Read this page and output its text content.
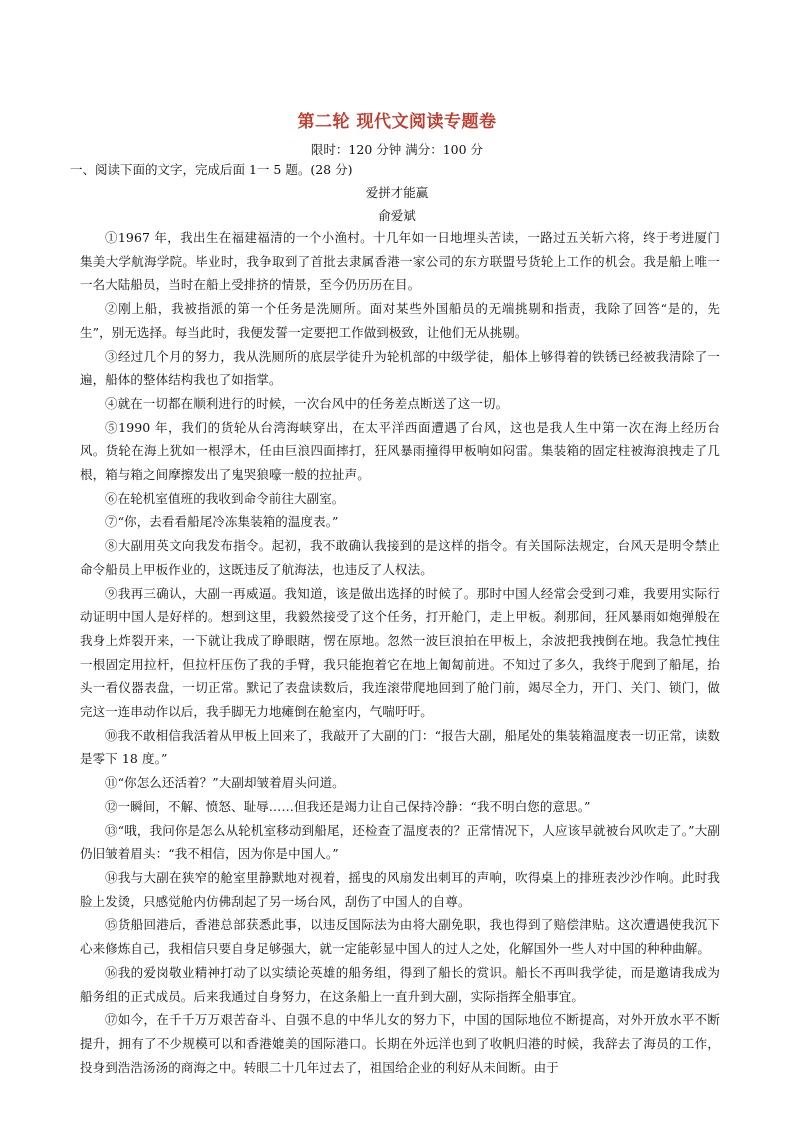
第二轮 现代文阅读专题卷
限时：120 分钟 满分：100 分
一、阅读下面的文字，完成后面 1一 5 题。(28 分)
爱拼才能赢
俞爱斌

①1967 年，我出生在福建福清的一个小渔村。十几年如一日地埋头苦读，一路过五关斩六将，终于考进厦门集美大学航海学院。毕业时，我争取到了首批去隶属香港一家公司的东方联盟号货轮上工作的机会。我是船上唯一一名大陆船员，当时在船上受排挤的情景，至今仍历历在目。

②刚上船，我被指派的第一个任务是洗厕所。面对某些外国船员的无端挑剔和指责，我除了回答“是的，先生”，别无选择。每当此时，我便发誓一定要把工作做到极致，让他们无从挑剔。

③经过几个月的努力，我从洗厕所的底层学徒升为轮机部的中级学徒，船体上够得着的铁锈已经被我清除了一遍，船体的整体结构我也了如指掌。

④就在一切都在顺利进行的时候，一次台风中的任务差点断送了这一切。

⑤1990 年，我们的货轮从台湾海峡穿出，在太平洋西面遭遇了台风，这也是我人生中第一次在海上经历台风。货轮在海上犹如一根浮木，任由巨浪四面摔打，狂风暴雨撞得甲板响如闷雷。集装箱的固定柱被海浪拽走了几根，箱与箱之间摩擦发出了鬼哭狼嚎一般的拉扯声。

⑥在轮机室值班的我收到命令前往大副室。

⑦“你，去看看船尾冷冻集装箱的温度表。”

⑧大副用英文向我发布指令。起初，我不敢确认我接到的是这样的指令。有关国际法规定，台风天是明令禁止命令船员上甲板作业的，这既违反了航海法，也违反了人权法。

⑨我再三确认，大副一再威逼。我知道，该是做出选择的时候了。那时中国人经常会受到刁难，我要用实际行动证明中国人是好样的。想到这里，我毅然接受了这个任务，打开舱门，走上甲板。刹那间，狂风暴雨如炮弹般在我身上炸裂开来，一下就让我成了睁眼瞎，愣在原地。忽然一波巨浪拍在甲板上，余波把我拽倒在地。我急忙拽住一根固定用拉杆，但拉杆压伤了我的手臂，我只能抱着它在地上匍匐前进。不知过了多久，我终于爬到了船尾，抬头一看仪器表盘，一切正常。默记了表盘读数后，我连滚带爬地回到了舱门前，竭尽全力，开门、关门、锁门，做完这一连串动作以后，我手脚无力地瘫倒在舱室内，气喘吁吁。

⑩我不敢相信我活着从甲板上回来了，我敲开了大副的门：“报告大副，船尾处的集装箱温度表一切正常，读数是零下 18 度。”

⑪“你怎么还活着？”大副却皱着眉头问道。

⑫一瞬间，不解、愤怒、耻辱……但我还是竭力让自己保持冷静：“我不明白您的意思。”

⑬“哦，我问你是怎么从轮机室移动到船尾，还检查了温度表的？正常情况下，人应该早就被台风吹走了。”大副仍旧皱着眉头：“我不相信，因为你是中国人。”

⑭我与大副在狭窄的舱室里静默地对视着，摇曳的风扇发出刺耳的声响，吹得桌上的排班表沙沙作响。此时我脸上发烫，只感觉舱内仿佛刮起了另一场台风，刮伤了中国人的自尊。

⑮货船回港后，香港总部获悉此事，以违反国际法为由将大副免职，我也得到了赔偿津贴。这次遭遇使我沉下心来修炼自己，我相信只要自身足够强大，就一定能彰显中国人的过人之处，化解国外一些人对中国的种种曲解。

⑯我的爱岗敬业精神打动了以实绩论英雄的船务组，得到了船长的赏识。船长不再叫我学徒，而是邀请我成为船务组的正式成员。后来我通过自身努力，在这条船上一直升到大副，实际指挥全船事宜。

⑰如今，在千千万万艰苦奋斗、自强不息的中华儿女的努力下，中国的国际地位不断提高，对外开放水平不断提升，拥有了不少规模可以和香港媲美的国际港口。长期在外远洋也到了收帆归港的时候，我辞去了海员的工作，投身到浩浩汤汤的商海之中。转眼二十几年过去了，祖国给企业的利好从未间断。由于
